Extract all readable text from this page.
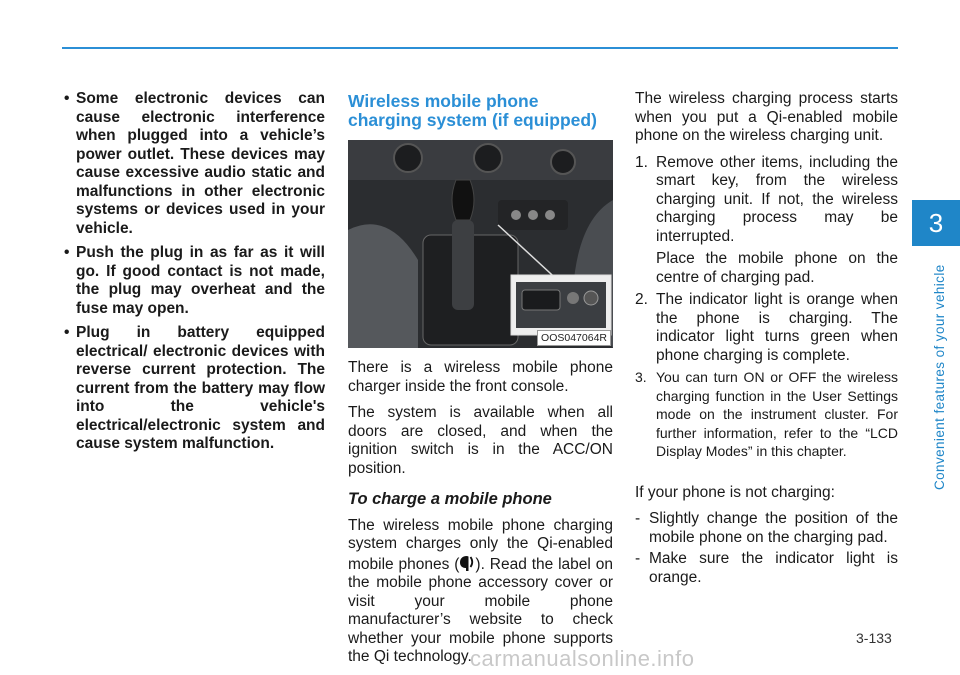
3
Convenient features of your vehicle
• Some electronic devices can cause electronic interference when plugged into a vehicle’s power outlet. These devices may cause excessive audio static and malfunctions in other electronic systems or devices used in your vehicle.
• Push the plug in as far as it will go. If good contact is not made, the plug may overheat and the fuse may open.
• Plug in battery equipped electrical/ electronic devices with reverse current protection. The current from the battery may flow into the vehicle's electrical/electronic system and cause system malfunction.
Wireless mobile phone charging system (if equipped)
OOS047064R

There is a wireless mobile phone charger inside the front console.

The system is available when all doors are closed, and when the ignition switch is in the ACC/ON position.

To charge a mobile phone

The wireless mobile phone charging system charges only the Qi-enabled mobile phones ( ). Read the label on the mobile phone accessory cover or visit your mobile phone manufacturer’s website to check whether your mobile phone supports the Qi technology.

The wireless charging process starts when you put a Qi-enabled mobile phone on the wireless charging unit.

1. Remove other items, including the smart key, from the wireless charging unit. If not, the wireless charging process may be interrupted.
Place the mobile phone on the centre of charging pad.
2. The indicator light is orange when the phone is charging. The indicator light turns green when phone charging is complete.
3. You can turn ON or OFF the wireless charging function in the User Settings mode on the instrument cluster. For further information, refer to the “LCD Display Modes” in this chapter.

If your phone is not charging:

- Slightly change the position of the mobile phone on the charging pad.
- Make sure the indicator light is orange.
3-133
carmanualsonline.info
